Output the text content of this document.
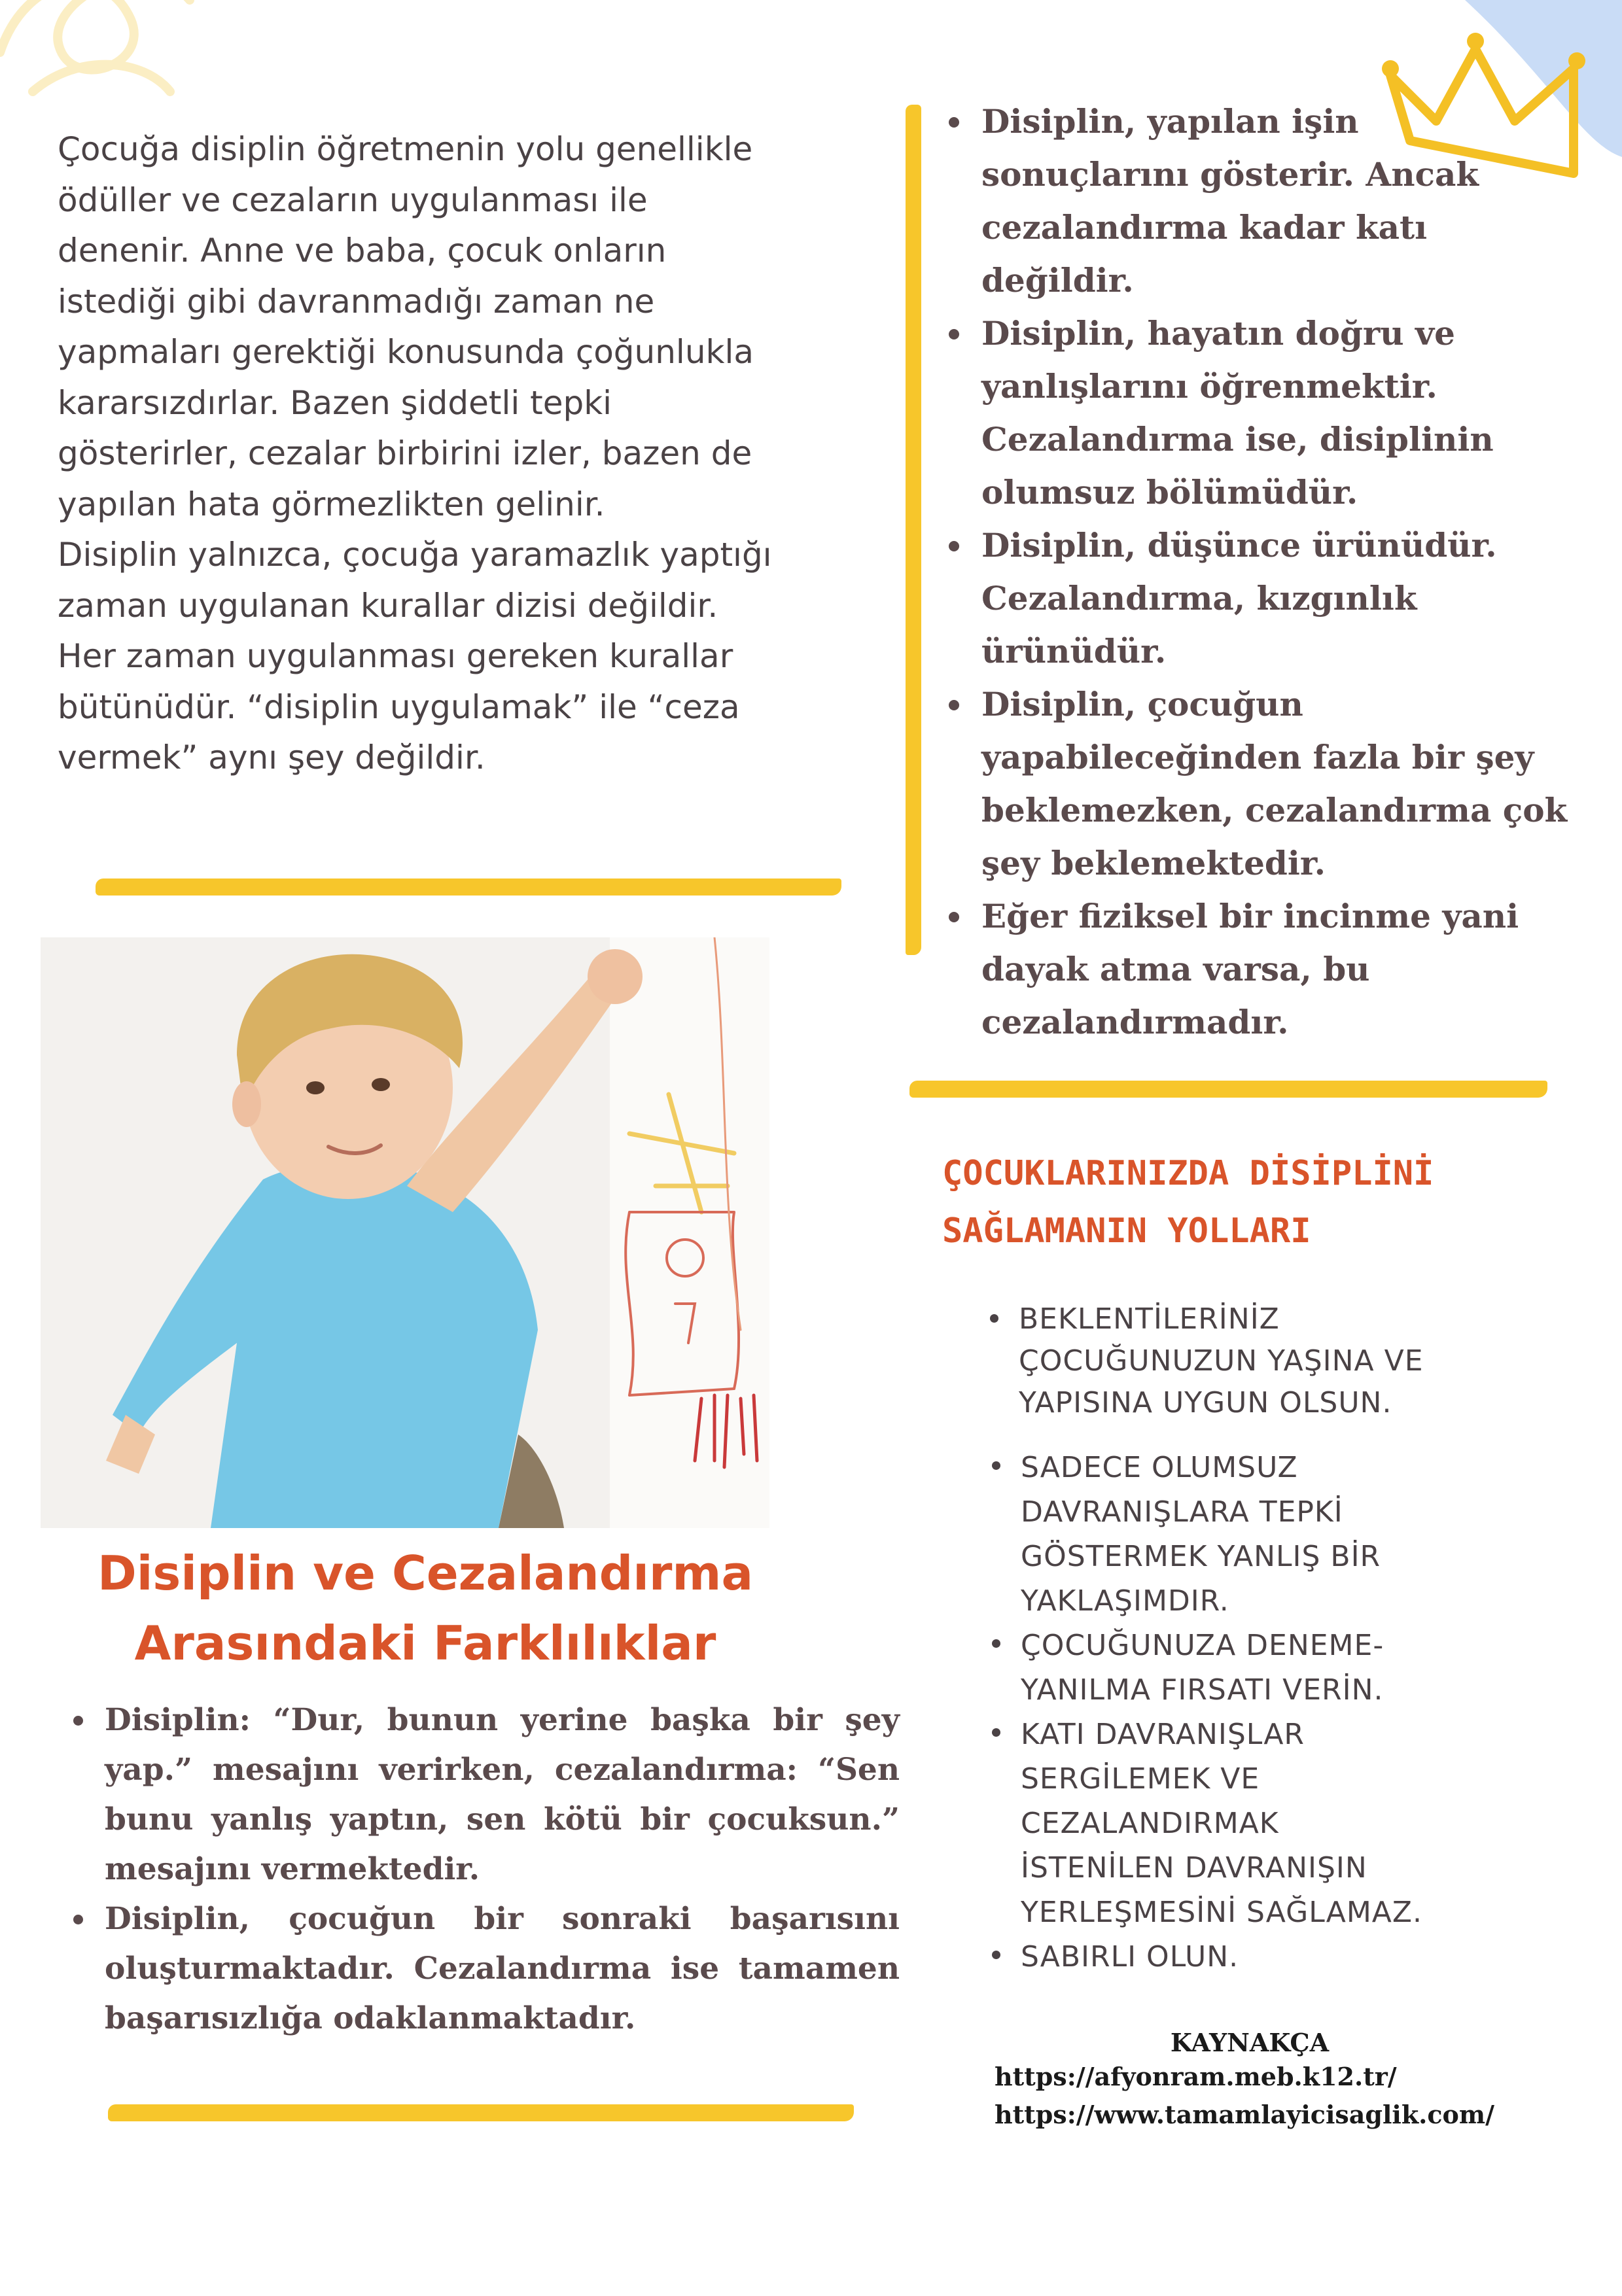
Çocuğa disiplin öğretmenin yolu genellikle
ödüller ve cezaların uygulanması ile
denenir. Anne ve baba, çocuk onların
istediği gibi davranmadığı zaman ne
yapmaları gerektiği konusunda çoğunlukla
kararsızdırlar. Bazen şiddetli tepki
gösterirler, cezalar birbirini izler, bazen de
yapılan hata görmezlikten gelinir.
Disiplin yalnızca, çocuğa yaramazlık yaptığı
zaman uygulanan kurallar dizisi değildir.
Her zaman uygulanması gereken kurallar
bütünüdür. “disiplin uygulamak” ile “ceza
vermek” aynı şey değildir.

Disiplin, yapılan işin sonuçlarını gösterir. Ancak cezalandırma kadar katı değildir.
Disiplin, hayatın doğru ve yanlışlarını öğrenmektir. Cezalandırma ise, disiplinin olumsuz bölümüdür.
Disiplin, düşünce ürünüdür. Cezalandırma, kızgınlık ürünüdür.
Disiplin, çocuğun yapabileceğinden fazla bir şey beklemezken, cezalandırma çok şey beklemektedir.
Eğer fiziksel bir incinme yani dayak atma varsa, bu cezalandırmadır.
Disiplin ve Cezalandırma
Arasındaki Farklılıklar
Disiplin: “Dur, bunun yerine başka bir şey yap.” mesajını verirken, cezalandırma: “Sen bunu yanlış yaptın, sen kötü bir çocuksun.” mesajını vermektedir.
Disiplin, çocuğun bir sonraki başarısını oluşturmaktadır. Cezalandırma ise tamamen başarısızlığa odaklanmaktadır.
ÇOCUKLARINIZDA DİSİPLİNİ
SAĞLAMANIN YOLLARI
BEKLENTİLERİNİZ
ÇOCUĞUNUZUN YAŞINA VE
YAPISINA UYGUN OLSUN.
SADECE OLUMSUZ
DAVRANIŞLARA TEPKİ
GÖSTERMEK YANLIŞ BİR
YAKLAŞIMDIR.
ÇOCUĞUNUZA DENEME-
YANILMA FIRSATI VERİN.
KATI DAVRANIŞLAR
SERGİLEMEK VE
CEZALANDIRMAK
İSTENİLEN DAVRANIŞIN
YERLEŞMESİNİ SAĞLAMAZ.
SABIRLI OLUN.

KAYNAKÇA

https://afyonram.meb.k12.tr/

https://www.tamamlayicisaglik.com/
